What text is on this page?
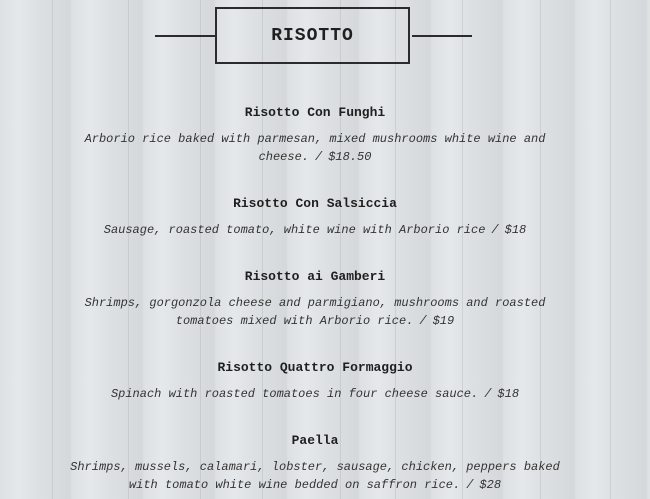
RISOTTO
Risotto Con Funghi
Arborio rice baked with parmesan, mixed mushrooms white wine and cheese. / $18.50
Risotto Con Salsiccia
Sausage, roasted tomato, white wine with Arborio rice / $18
Risotto ai Gamberi
Shrimps, gorgonzola cheese and parmigiano, mushrooms and roasted tomatoes mixed with Arborio rice. / $19
Risotto Quattro Formaggio
Spinach with roasted tomatoes in four cheese sauce. / $18
Paella
Shrimps, mussels, calamari, lobster, sausage, chicken, peppers baked with tomato white wine bedded on saffron rice. / $28
